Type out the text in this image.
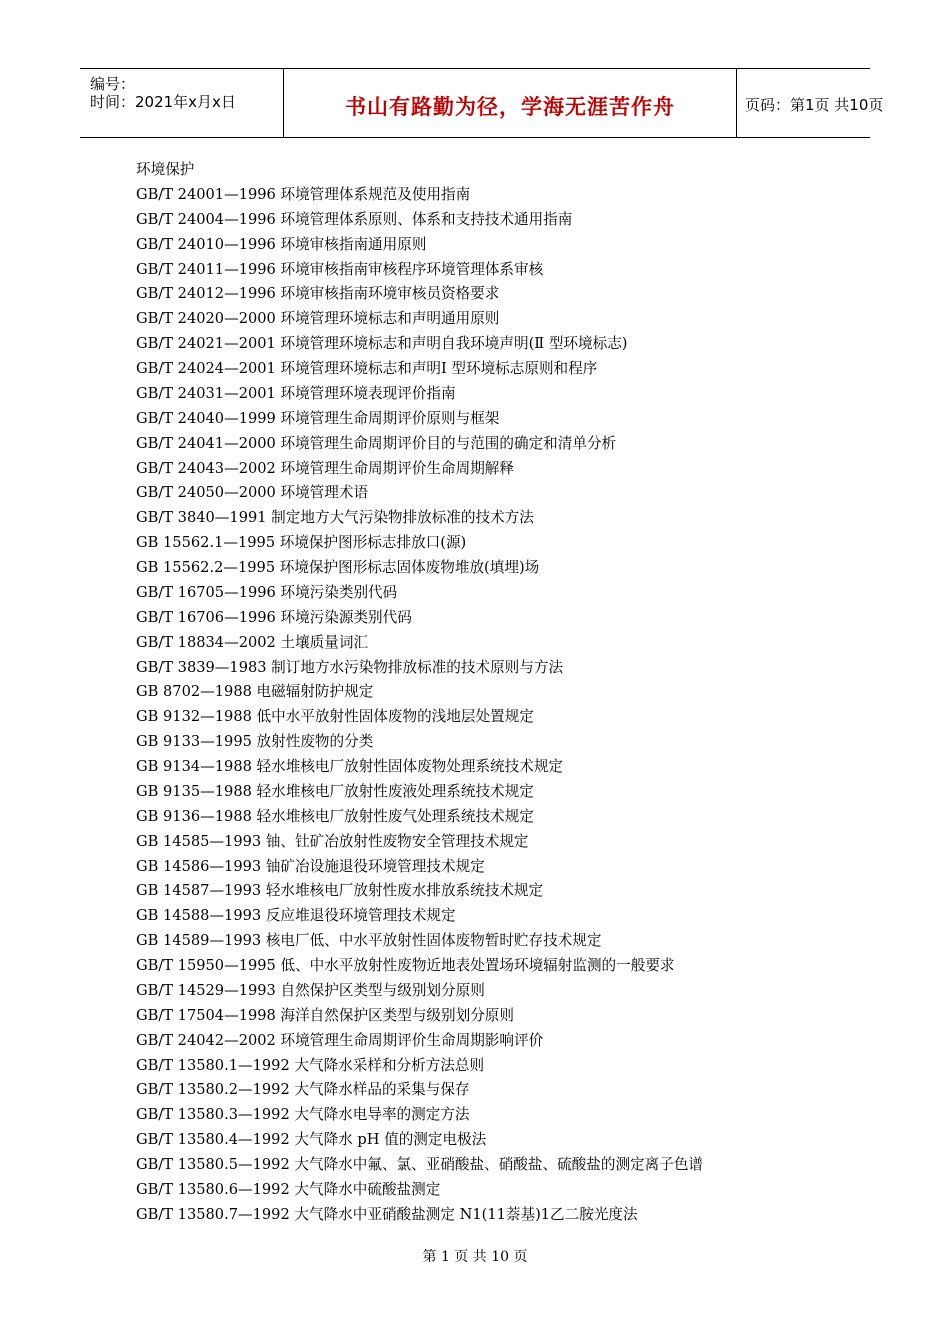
编号：
时间：2021年x月x日	书山有路勤为径，学海无涯苦作舟	页码：第1页 共10页
环境保护
GB/T 24001—1996 环境管理体系规范及使用指南
GB/T 24004—1996 环境管理体系原则、体系和支持技术通用指南
GB/T 24010—1996 环境审核指南通用原则
GB/T 24011—1996 环境审核指南审核程序环境管理体系审核
GB/T 24012—1996 环境审核指南环境审核员资格要求
GB/T 24020—2000 环境管理环境标志和声明通用原则
GB/T 24021—2001 环境管理环境标志和声明自我环境声明(Ⅱ 型环境标志)
GB/T 24024—2001 环境管理环境标志和声明Ⅰ 型环境标志原则和程序
GB/T 24031—2001 环境管理环境表现评价指南
GB/T 24040—1999 环境管理生命周期评价原则与框架
GB/T 24041—2000 环境管理生命周期评价目的与范围的确定和清单分析
GB/T 24043—2002 环境管理生命周期评价生命周期解释
GB/T 24050—2000 环境管理术语
GB/T 3840—1991 制定地方大气污染物排放标准的技术方法
GB 15562.1—1995 环境保护图形标志排放口(源)
GB 15562.2—1995 环境保护图形标志固体废物堆放(填埋)场
GB/T 16705—1996 环境污染类别代码
GB/T 16706—1996 环境污染源类别代码
GB/T 18834—2002 土壤质量词汇
GB/T 3839—1983 制订地方水污染物排放标准的技术原则与方法
GB 8702—1988 电磁辐射防护规定
GB 9132—1988 低中水平放射性固体废物的浅地层处置规定
GB 9133—1995 放射性废物的分类
GB 9134—1988 轻水堆核电厂放射性固体废物处理系统技术规定
GB 9135—1988 轻水堆核电厂放射性废液处理系统技术规定
GB 9136—1988 轻水堆核电厂放射性废气处理系统技术规定
GB 14585—1993 铀、钍矿冶放射性废物安全管理技术规定
GB 14586—1993 铀矿冶设施退役环境管理技术规定
GB 14587—1993 轻水堆核电厂放射性废水排放系统技术规定
GB 14588—1993 反应堆退役环境管理技术规定
GB 14589—1993 核电厂低、中水平放射性固体废物暂时贮存技术规定
GB/T 15950—1995 低、中水平放射性废物近地表处置场环境辐射监测的一般要求
GB/T 14529—1993 自然保护区类型与级别划分原则
GB/T 17504—1998 海洋自然保护区类型与级别划分原则
GB/T 24042—2002 环境管理生命周期评价生命周期影响评价
GB/T 13580.1—1992 大气降水采样和分析方法总则
GB/T 13580.2—1992 大气降水样品的采集与保存
GB/T 13580.3—1992 大气降水电导率的测定方法
GB/T 13580.4—1992 大气降水 pH 值的测定电极法
GB/T 13580.5—1992 大气降水中氟、氯、亚硝酸盐、硝酸盐、硫酸盐的测定离子色谱
GB/T 13580.6—1992 大气降水中硫酸盐测定
GB/T 13580.7—1992 大气降水中亚硝酸盐测定 N1(11萘基)1乙二胺光度法
第 1 页 共 10 页
